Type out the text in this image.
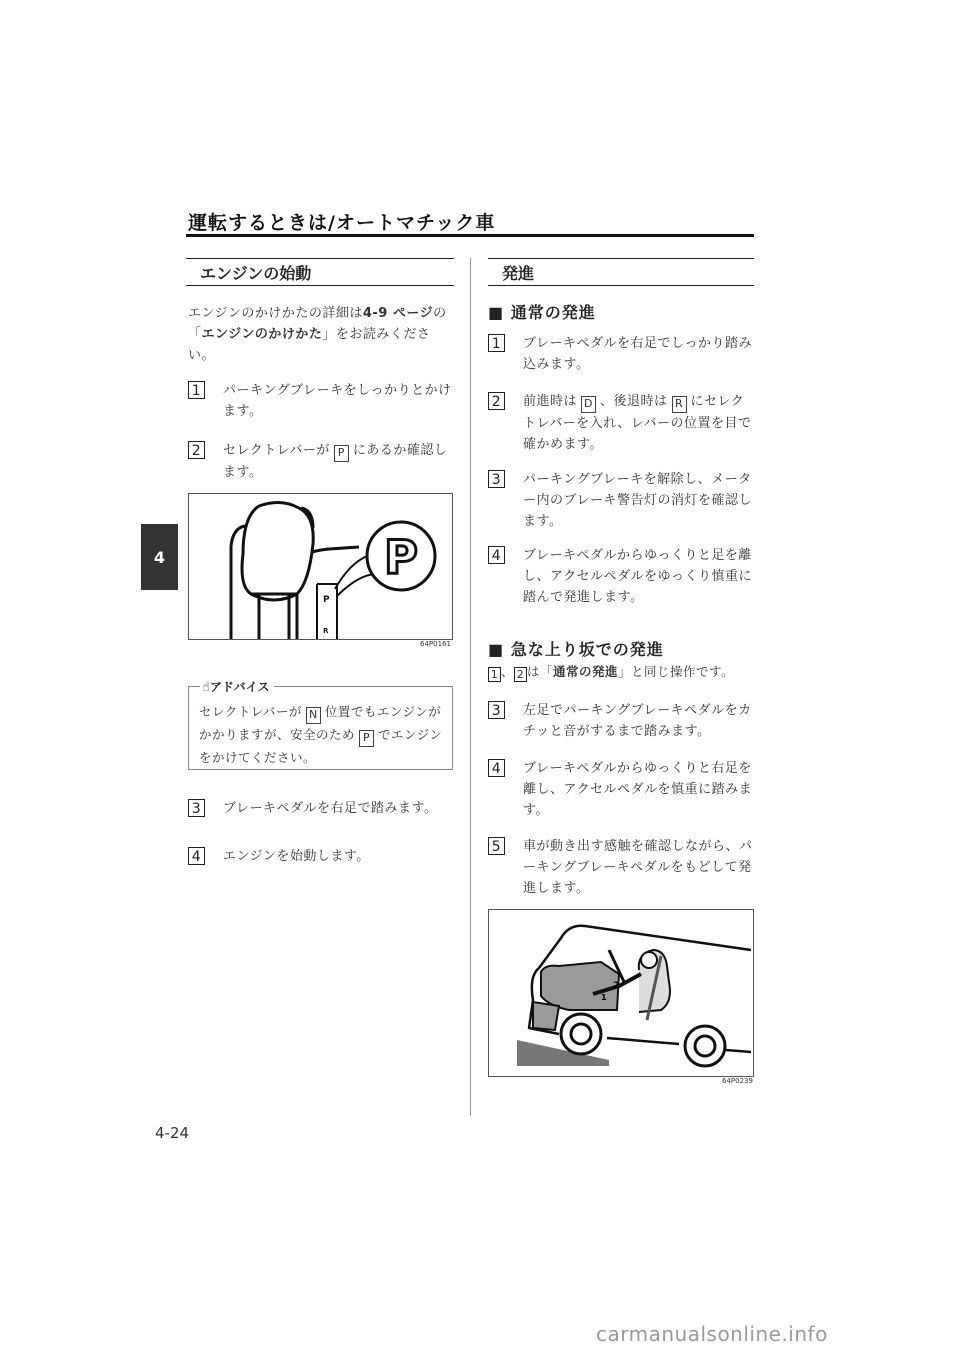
運転するときは/オートマチック車
4
エンジンの始動
エンジンのかけかたの詳細は4-9 ページの「エンジンのかけかた」をお読みください。
1 パーキングブレーキをしっかりとかけます。
2 セレクトレバーが P にあるか確認します。
P
P
R
64P0161
セレクトレバーが N 位置でもエンジンがかかりますが、安全のため P でエンジンをかけてください。
☝アドバイス
3 ブレーキペダルを右足で踏みます。
4 エンジンを始動します。
発進
■ 通常の発進
1 ブレーキペダルを右足でしっかり踏み込みます。
2 前進時は D 、後退時は R にセレクトレバーを入れ、レバーの位置を目で確かめます。
3 パーキングブレーキを解除し、メーター内のブレーキ警告灯の消灯を確認します。
4 ブレーキペダルからゆっくりと足を離し、アクセルペダルをゆっくり慎重に踏んで発進します。
■ 急な上り坂での発進
1 、 2 は「通常の発進」と同じ操作です。
3 左足でパーキングブレーキペダルをカチッと音がするまで踏みます。
4 ブレーキペダルからゆっくりと右足を離し、アクセルペダルを慎重に踏みます。
5 車が動き出す感触を確認しながら、パーキングブレーキペダルをもどして発進します。
2
1
64P0239
4-24
carmanualsonline.info
